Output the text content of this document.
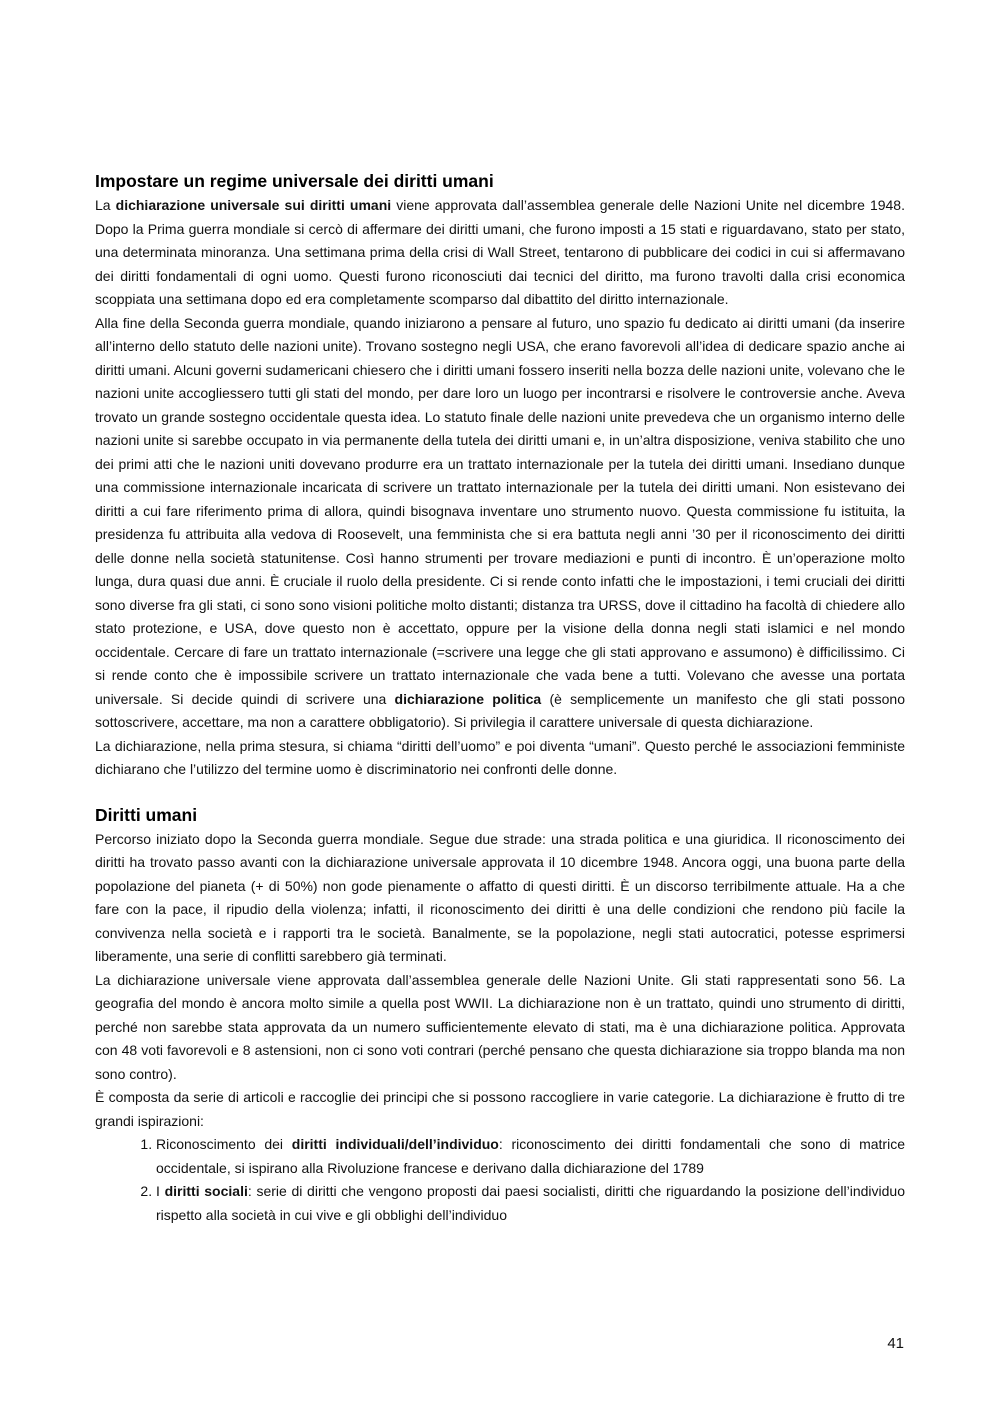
Impostare un regime universale dei diritti umani

La dichiarazione universale sui diritti umani viene approvata dall’assemblea generale delle Nazioni Unite nel dicembre 1948. Dopo la Prima guerra mondiale si cercò di affermare dei diritti umani, che furono imposti a 15 stati e riguardavano, stato per stato, una determinata minoranza. Una settimana prima della crisi di Wall Street, tentarono di pubblicare dei codici in cui si affermavano dei diritti fondamentali di ogni uomo. Questi furono riconosciuti dai tecnici del diritto, ma furono travolti dalla crisi economica scoppiata una settimana dopo ed era completamente scomparso dal dibattito del diritto internazionale.

Alla fine della Seconda guerra mondiale, quando iniziarono a pensare al futuro, uno spazio fu dedicato ai diritti umani (da inserire all’interno dello statuto delle nazioni unite). Trovano sostegno negli USA, che erano favorevoli all’idea di dedicare spazio anche ai diritti umani. Alcuni governi sudamericani chiesero che i diritti umani fossero inseriti nella bozza delle nazioni unite, volevano che le nazioni unite accogliessero tutti gli stati del mondo, per dare loro un luogo per incontrarsi e risolvere le controversie anche. Aveva trovato un grande sostegno occidentale questa idea. Lo statuto finale delle nazioni unite prevedeva che un organismo interno delle nazioni unite si sarebbe occupato in via permanente della tutela dei diritti umani e, in un’altra disposizione, veniva stabilito che uno dei primi atti che le nazioni uniti dovevano produrre era un trattato internazionale per la tutela dei diritti umani. Insediano dunque una commissione internazionale incaricata di scrivere un trattato internazionale per la tutela dei diritti umani. Non esistevano dei diritti a cui fare riferimento prima di allora, quindi bisognava inventare uno strumento nuovo. Questa commissione fu istituita, la presidenza fu attribuita alla vedova di Roosevelt, una femminista che si era battuta negli anni ’30 per il riconoscimento dei diritti delle donne nella società statunitense. Così hanno strumenti per trovare mediazioni e punti di incontro. È un’operazione molto lunga, dura quasi due anni. È cruciale il ruolo della presidente. Ci si rende conto infatti che le impostazioni, i temi cruciali dei diritti sono diverse fra gli stati, ci sono sono visioni politiche molto distanti; distanza tra URSS, dove il cittadino ha facoltà di chiedere allo stato protezione, e USA, dove questo non è accettato, oppure per la visione della donna negli stati islamici e nel mondo occidentale. Cercare di fare un trattato internazionale (=scrivere una legge che gli stati approvano e assumono) è difficilissimo. Ci si rende conto che è impossibile scrivere un trattato internazionale che vada bene a tutti. Volevano che avesse una portata universale. Si decide quindi di scrivere una dichiarazione politica (è semplicemente un manifesto che gli stati possono sottoscrivere, accettare, ma non a carattere obbligatorio). Si privilegia il carattere universale di questa dichiarazione.

La dichiarazione, nella prima stesura, si chiama “diritti dell’uomo” e poi diventa “umani”. Questo perché le associazioni femministe dichiarano che l’utilizzo del termine uomo è discriminatorio nei confronti delle donne.

Diritti umani

Percorso iniziato dopo la Seconda guerra mondiale. Segue due strade: una strada politica e una giuridica. Il riconoscimento dei diritti ha trovato passo avanti con la dichiarazione universale approvata il 10 dicembre 1948. Ancora oggi, una buona parte della popolazione del pianeta (+ di 50%) non gode pienamente o affatto di questi diritti. È un discorso terribilmente attuale. Ha a che fare con la pace, il ripudio della violenza; infatti, il riconoscimento dei diritti è una delle condizioni che rendono più facile la convivenza nella società e i rapporti tra le società. Banalmente, se la popolazione, negli stati autocratici, potesse esprimersi liberamente, una serie di conflitti sarebbero già terminati.

La dichiarazione universale viene approvata dall’assemblea generale delle Nazioni Unite. Gli stati rappresentati sono 56. La geografia del mondo è ancora molto simile a quella post WWII. La dichiarazione non è un trattato, quindi uno strumento di diritti, perché non sarebbe stata approvata da un numero sufficientemente elevato di stati, ma è una dichiarazione politica. Approvata con 48 voti favorevoli e 8 astensioni, non ci sono voti contrari (perché pensano che questa dichiarazione sia troppo blanda ma non sono contro).

È composta da serie di articoli e raccoglie dei principi che si possono raccogliere in varie categorie. La dichiarazione è frutto di tre grandi ispirazioni:

1. Riconoscimento dei diritti individuali/dell’individuo: riconoscimento dei diritti fondamentali che sono di matrice occidentale, si ispirano alla Rivoluzione francese e derivano dalla dichiarazione del 1789
2. I diritti sociali: serie di diritti che vengono proposti dai paesi socialisti, diritti che riguardando la posizione dell’individuo rispetto alla società in cui vive e gli obblighi dell’individuo
41
